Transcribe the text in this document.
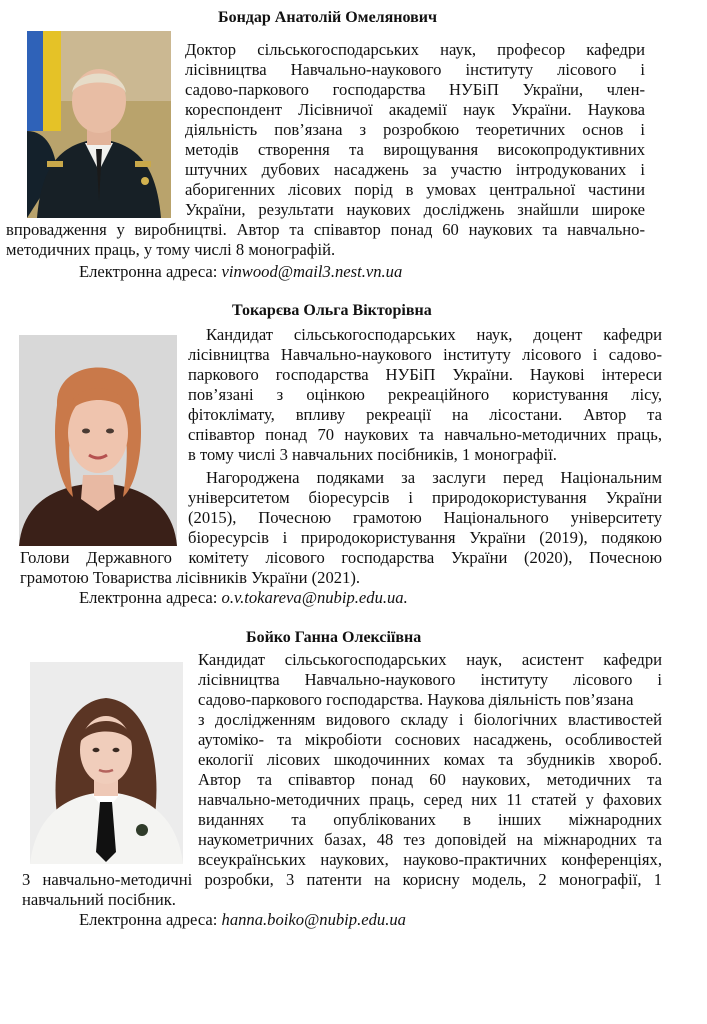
Бондар Анатолій Омелянович
Доктор сільськогосподарських наук, професор кафедри
лісівництва Навчально-наукового інституту лісового і
садово-паркового господарства НУБіП України, член-
кореспондент Лісівничої академії наук України. Наукова
діяльність пов’язана з розробкою теоретичних основ і
методів створення та вирощування високопродуктивних
штучних дубових насаджень за участю інтродукованих і
аборигенних лісових порід в умовах центральної частини
України, результати наукових досліджень знайшли широке
впровадження у виробництві. Автор та співавтор понад 60 наукових та навчально-
методичних праць, у тому числі 8 монографій.
Електронна адреса: vinwood@mail3.nest.vn.ua
Токарєва Ольга Вікторівна
Кандидат сільськогосподарських наук, доцент кафедри
лісівництва Навчально-наукового інституту лісового і садово-
паркового господарства НУБіП України. Наукові інтереси
пов’язані з оцінкою рекреаційного користування лісу,
фітоклімату, впливу рекреації на лісостани. Автор та
співавтор понад 70 наукових та навчально-методичних праць,
в тому числі 3 навчальних посібників, 1 монографії.
Нагороджена подяками за заслуги перед Національним
університетом біоресурсів і природокористування України
(2015), Почесною грамотою Національного університету
біоресурсів і природокористування України (2019), подякою
Голови Державного комітету лісового господарства України (2020), Почесною
грамотою Товариства лісівників України (2021).
Електронна адреса: o.v.tokareva@nubip.edu.ua.
Бойко Ганна Олексіївна
Кандидат сільськогосподарських наук, асистент кафедри
лісівництва Навчально-наукового інституту лісового і
садово-паркового господарства. Наукова діяльність пов’язана
з дослідженням видового складу і біологічних властивостей
аутоміко- та мікробіоти соснових насаджень, особливостей
екології лісових шкодочинних комах та збудників хвороб.
Автор та співавтор понад 60 наукових, методичних та
навчально-методичних праць, серед них 11 статей у фахових
виданнях та опублікованих в інших міжнародних
наукометричних базах, 48 тез доповідей на міжнародних та
всеукраїнських наукових, науково-практичних конференціях,
3 навчально-методичні розробки, 3 патенти на корисну модель, 2 монографії, 1
навчальний посібник.
Електронна адреса: hanna.boiko@nubip.edu.ua
